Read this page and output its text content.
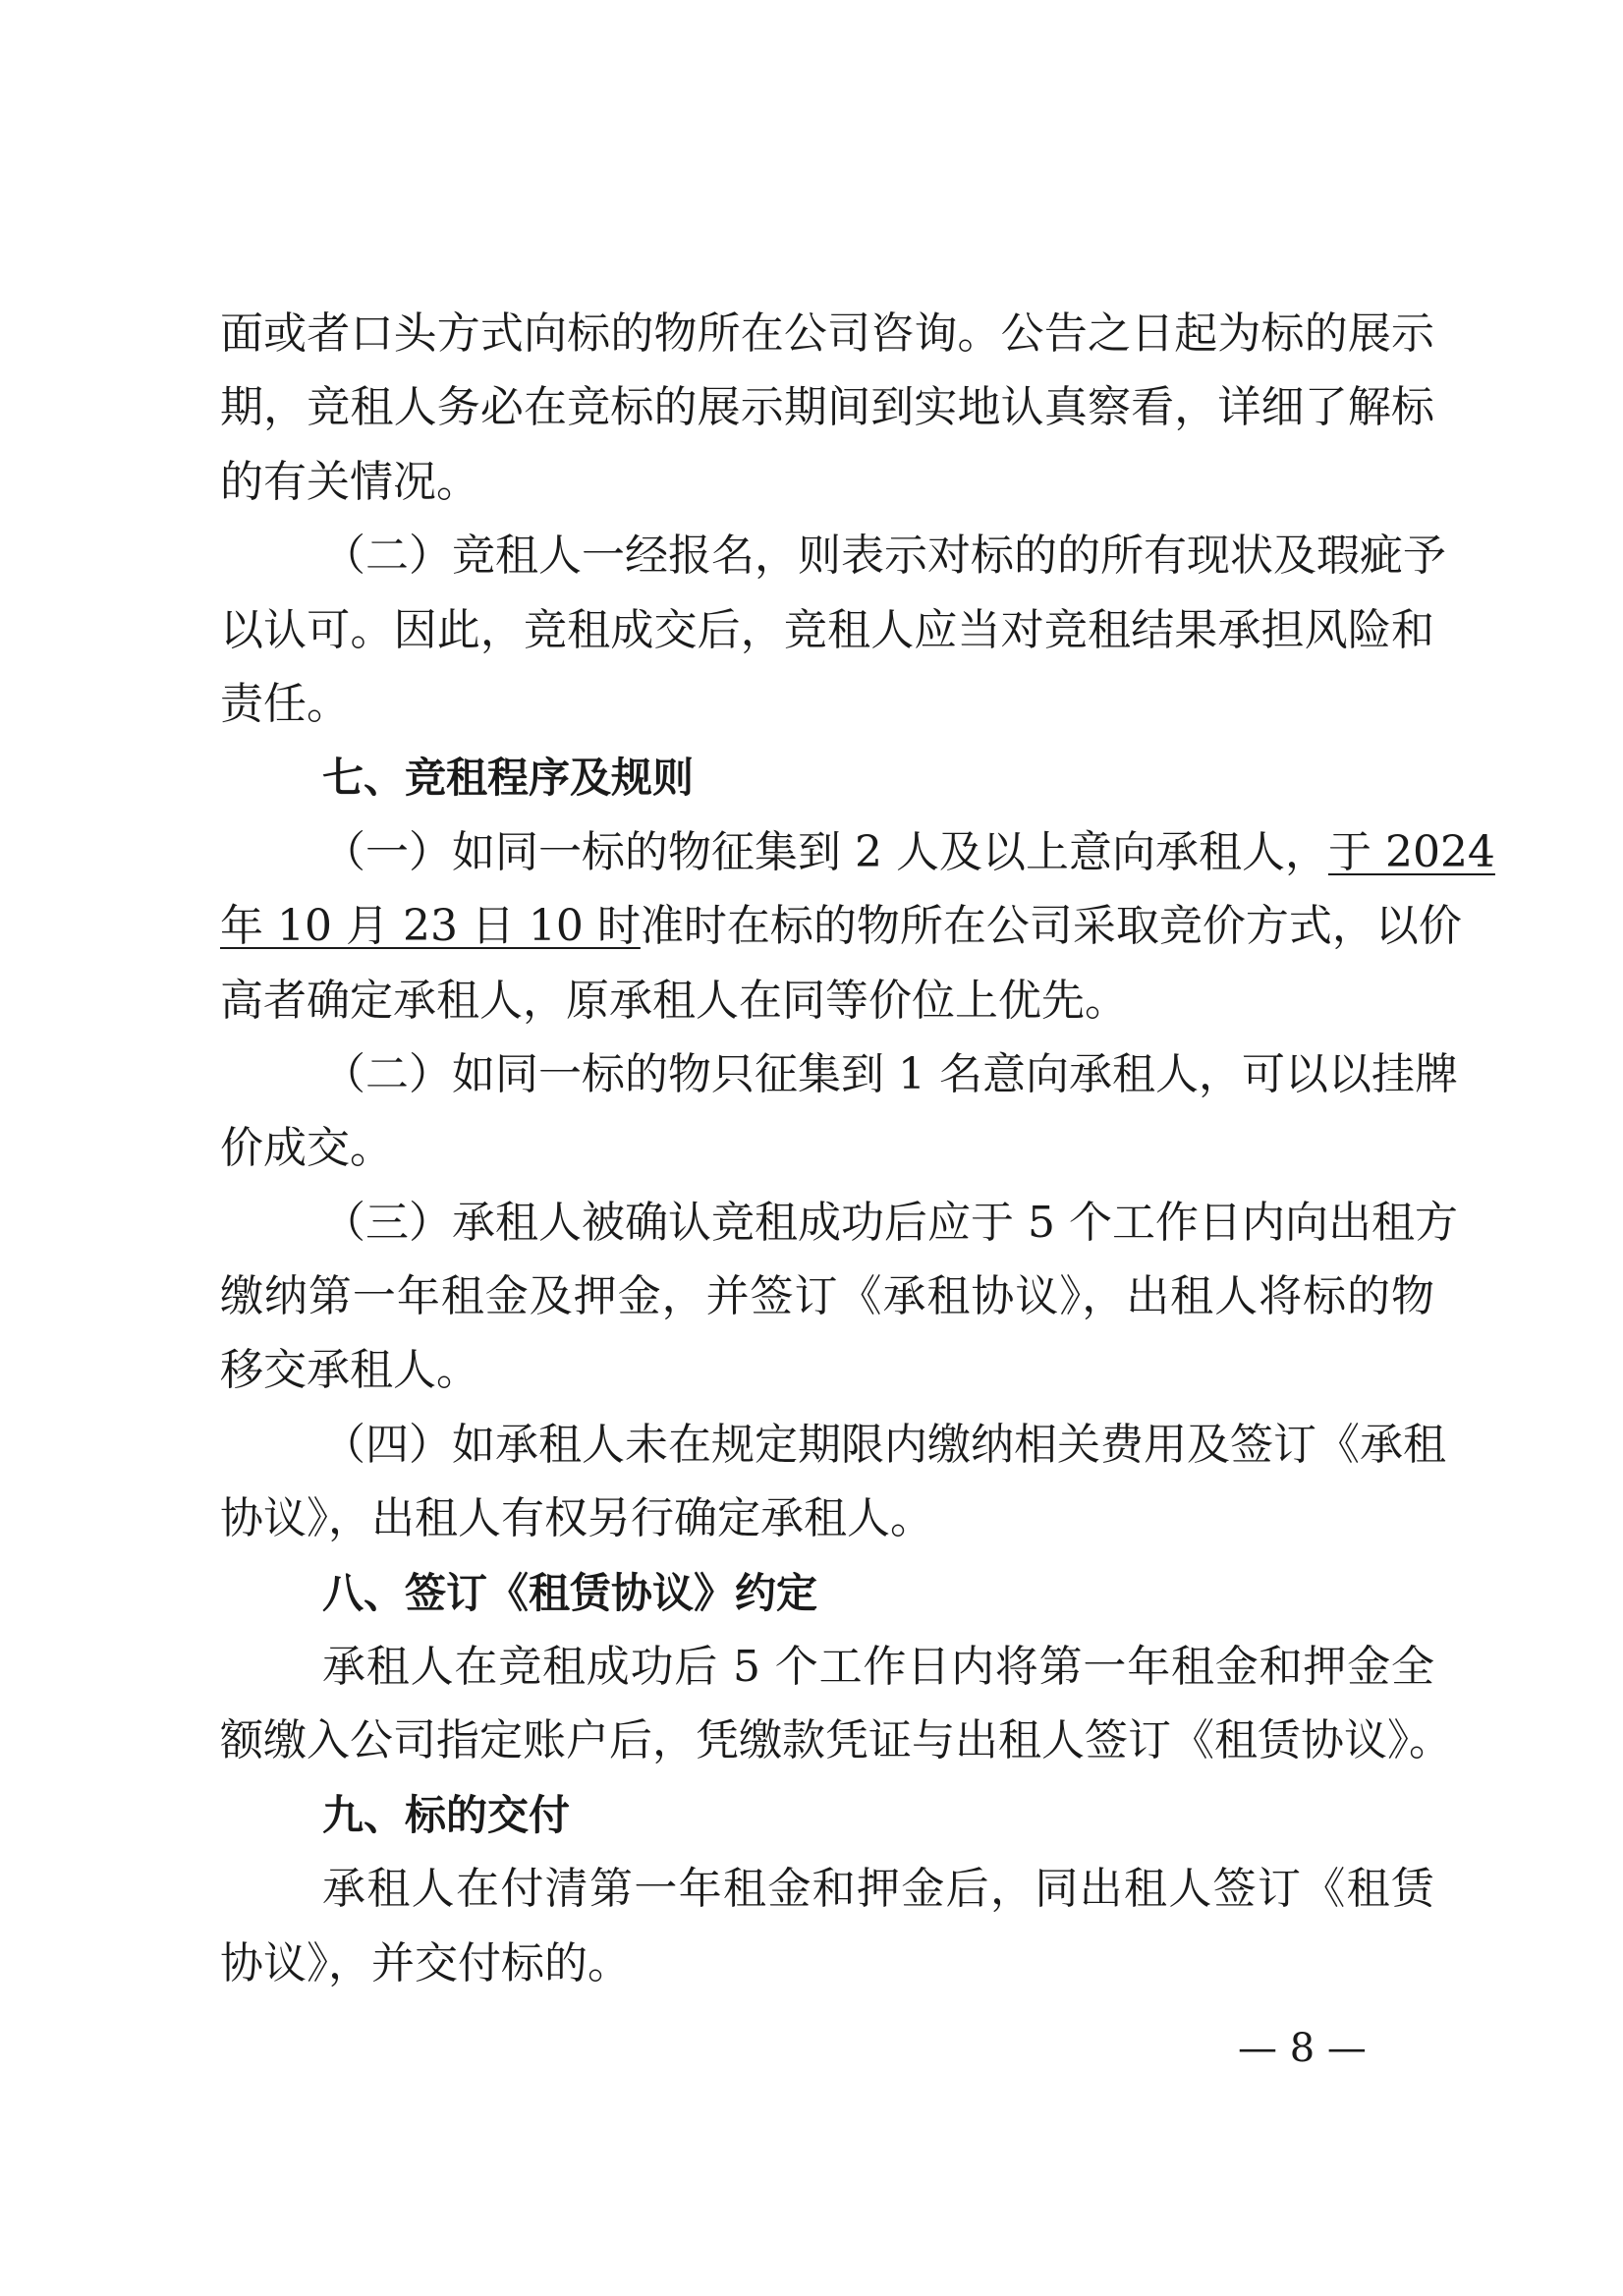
面或者口头方式向标的物所在公司咨询。公告之日起为标的展示
期，竞租人务必在竞标的展示期间到实地认真察看，详细了解标
的有关情况。
（二）竞租人一经报名，则表示对标的的所有现状及瑕疵予
以认可。因此，竞租成交后，竞租人应当对竞租结果承担风险和
责任。
七、竞租程序及规则
（一）如同一标的物征集到 2 人及以上意向承租人，于 2024
年 10 月 23 日 10 时准时在标的物所在公司采取竞价方式，以价
高者确定承租人，原承租人在同等价位上优先。
（二）如同一标的物只征集到 1 名意向承租人，可以以挂牌
价成交。
（三）承租人被确认竞租成功后应于 5 个工作日内向出租方
缴纳第一年租金及押金，并签订《承租协议》，出租人将标的物
移交承租人。
（四）如承租人未在规定期限内缴纳相关费用及签订《承租
协议》，出租人有权另行确定承租人。
八、签订《租赁协议》约定
承租人在竞租成功后 5 个工作日内将第一年租金和押金全
额缴入公司指定账户后，凭缴款凭证与出租人签订《租赁协议》。
九、标的交付
承租人在付清第一年租金和押金后，同出租人签订《租赁
协议》，并交付标的。
— 8 —
